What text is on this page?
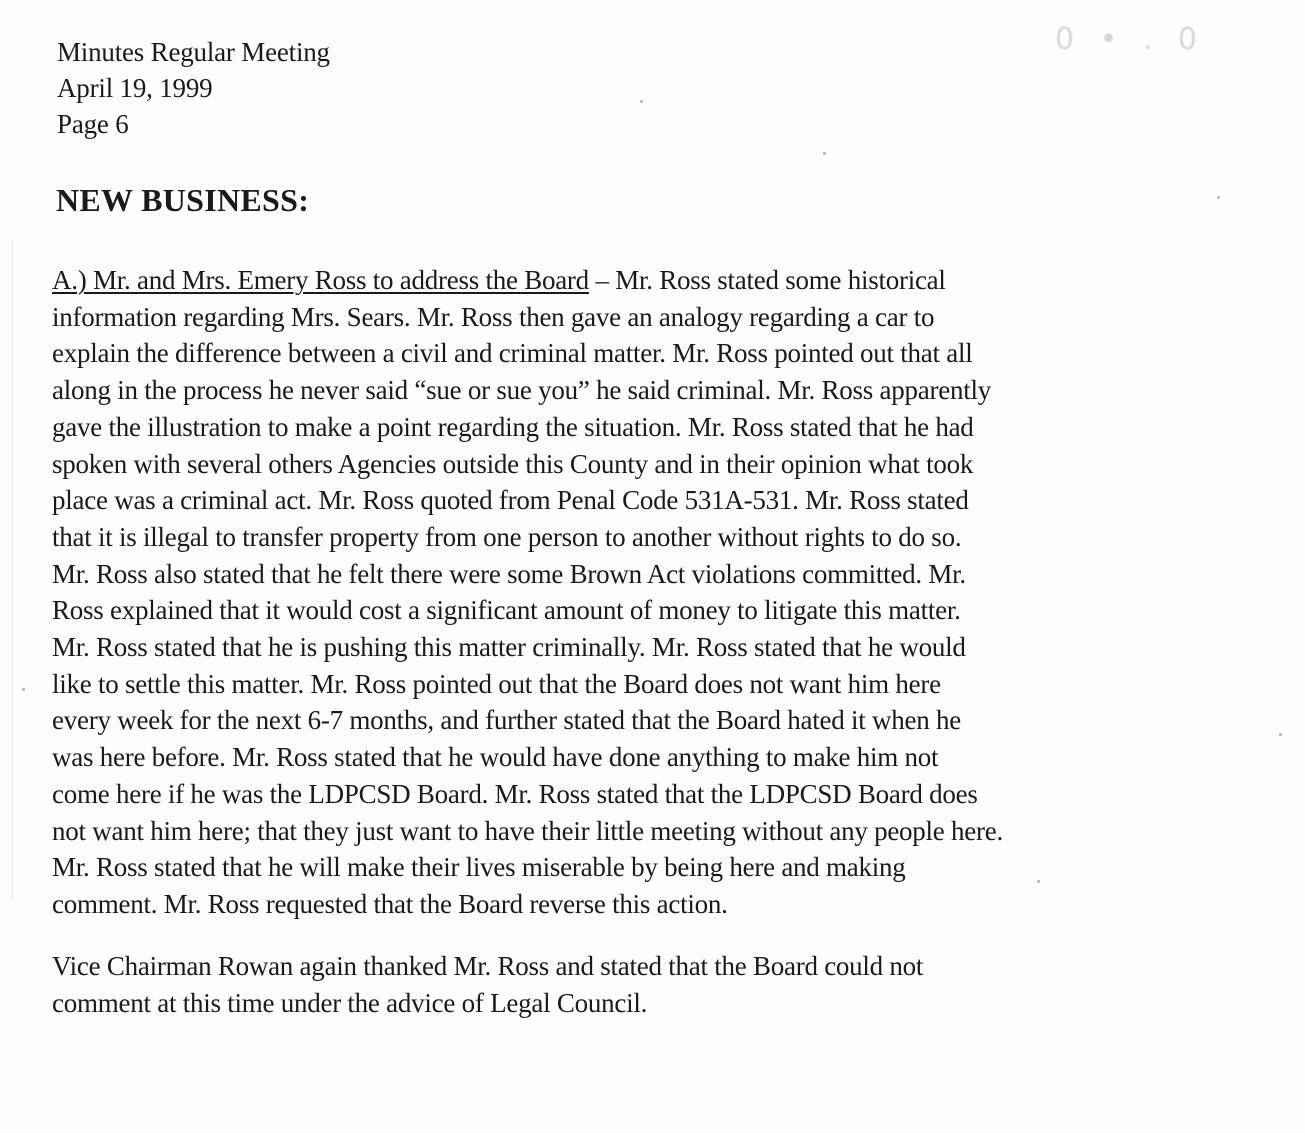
Minutes Regular Meeting
April 19, 1999
Page 6
0 • . 0
NEW BUSINESS:
A.) Mr. and Mrs. Emery Ross to address the Board – Mr. Ross stated some historical
information regarding Mrs. Sears. Mr. Ross then gave an analogy regarding a car to
explain the difference between a civil and criminal matter. Mr. Ross pointed out that all
along in the process he never said “sue or sue you” he said criminal. Mr. Ross apparently
gave the illustration to make a point regarding the situation. Mr. Ross stated that he had
spoken with several others Agencies outside this County and in their opinion what took
place was a criminal act. Mr. Ross quoted from Penal Code 531A-531. Mr. Ross stated
that it is illegal to transfer property from one person to another without rights to do so.
Mr. Ross also stated that he felt there were some Brown Act violations committed. Mr.
Ross explained that it would cost a significant amount of money to litigate this matter.
Mr. Ross stated that he is pushing this matter criminally. Mr. Ross stated that he would
like to settle this matter. Mr. Ross pointed out that the Board does not want him here
every week for the next 6-7 months, and further stated that the Board hated it when he
was here before. Mr. Ross stated that he would have done anything to make him not
come here if he was the LDPCSD Board. Mr. Ross stated that the LDPCSD Board does
not want him here; that they just want to have their little meeting without any people here.
Mr. Ross stated that he will make their lives miserable by being here and making
comment. Mr. Ross requested that the Board reverse this action.
Vice Chairman Rowan again thanked Mr. Ross and stated that the Board could not
comment at this time under the advice of Legal Council.
